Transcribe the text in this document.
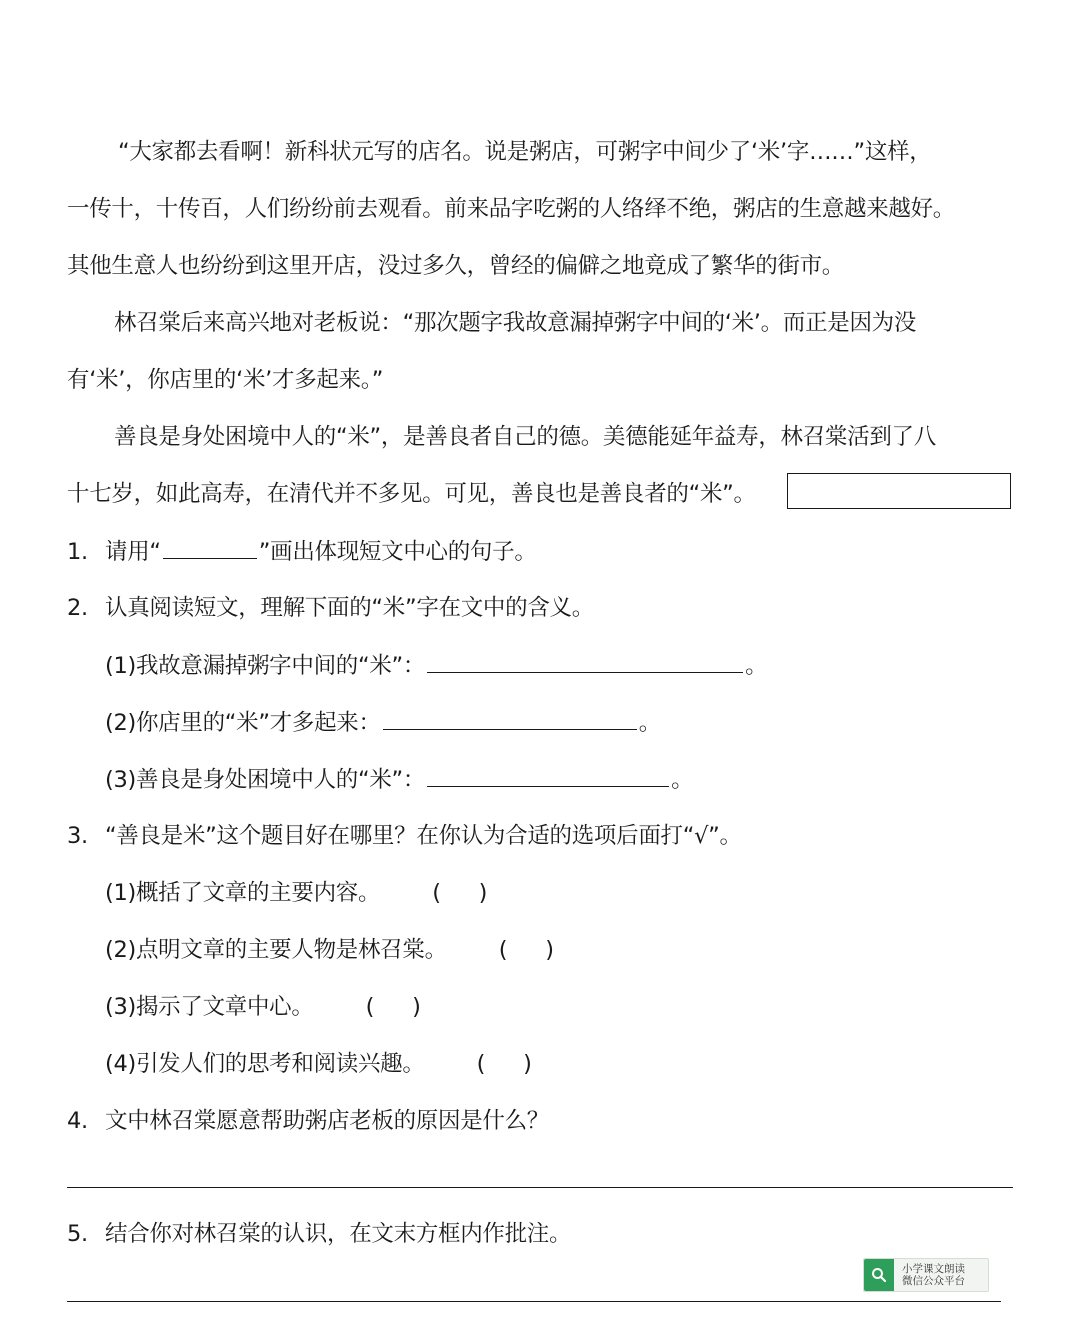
“大家都去看啊！新科状元写的店名。说是粥店，可粥字中间少了‘米’字……”这样，
一传十，十传百，人们纷纷前去观看。前来品字吃粥的人络绎不绝，粥店的生意越来越好。
其他生意人也纷纷到这里开店，没过多久，曾经的偏僻之地竟成了繁华的街市。
林召棠后来高兴地对老板说：“那次题字我故意漏掉粥字中间的‘米’。而正是因为没
有‘米’，你店里的‘米’才多起来。”
善良是身处困境中人的“米”，是善良者自己的德。美德能延年益寿，林召棠活到了八
十七岁，如此高寿，在清代并不多见。可见，善良也是善良者的“米”。
1. 请用“	”画出体现短文中心的句子。
2. 认真阅读短文，理解下面的“米”字在文中的含义。
(1)我故意漏掉粥字中间的“米”：	。
(2)你店里的“米”才多起来：	。
(3)善良是身处困境中人的“米”：	。
3. “善良是米”这个题目好在哪里？在你认为合适的选项后面打“√”。
(1)概括了文章的主要内容。 ( )
(2)点明文章的主要人物是林召棠。 ( )
(3)揭示了文章中心。 ( )
(4)引发人们的思考和阅读兴趣。 ( )
4. 文中林召棠愿意帮助粥店老板的原因是什么？
5. 结合你对林召棠的认识，在文末方框内作批注。
小学课文朗读
微信公众平台
